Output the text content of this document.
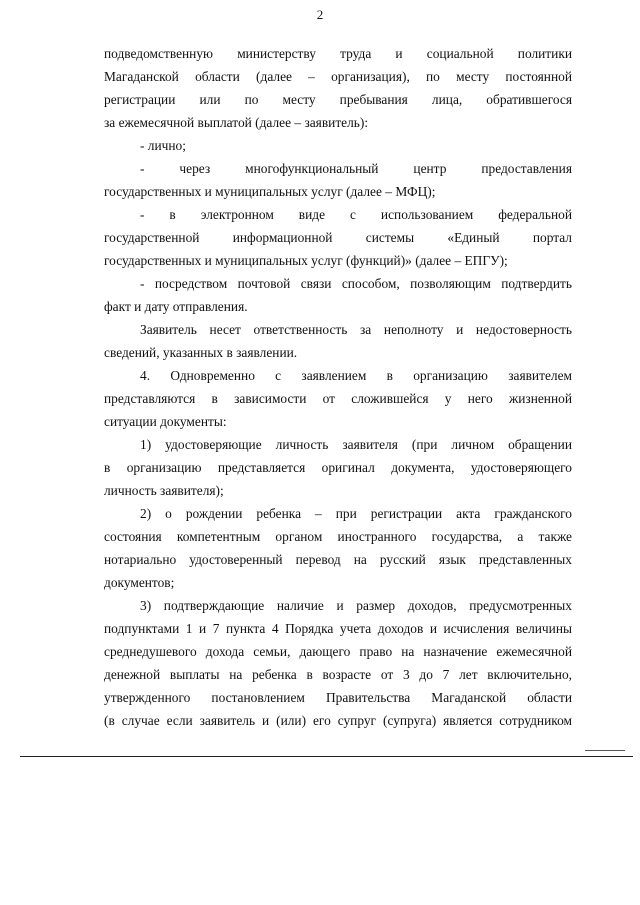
2
подведомственную министерству труда и социальной политики
Магаданской области (далее – организация), по месту постоянной
регистрации или по месту пребывания лица, обратившегося
за ежемесячной выплатой (далее – заявитель):
- лично;
- через многофункциональный центр предоставления
государственных и муниципальных услуг (далее – МФЦ);
- в электронном виде с использованием федеральной
государственной информационной системы «Единый портал
государственных и муниципальных услуг (функций)» (далее – ЕПГУ);
- посредством почтовой связи способом, позволяющим подтвердить
факт и дату отправления.
Заявитель несет ответственность за неполноту и недостоверность
сведений, указанных в заявлении.
4. Одновременно с заявлением в организацию заявителем
представляются в зависимости от сложившейся у него жизненной
ситуации документы:
1) удостоверяющие личность заявителя (при личном обращении
в организацию представляется оригинал документа, удостоверяющего
личность заявителя);
2) о рождении ребенка – при регистрации акта гражданского
состояния компетентным органом иностранного государства, а также
нотариально удостоверенный перевод на русский язык представленных
документов;
3) подтверждающие наличие и размер доходов, предусмотренных
подпунктами 1 и 7 пункта 4 Порядка учета доходов и исчисления величины
среднедушевого дохода семьи, дающего право на назначение ежемесячной
денежной выплаты на ребенка в возрасте от 3 до 7 лет включительно,
утвержденного постановлением Правительства Магаданской области
(в случае если заявитель и (или) его супруг (супруга) является сотрудником
